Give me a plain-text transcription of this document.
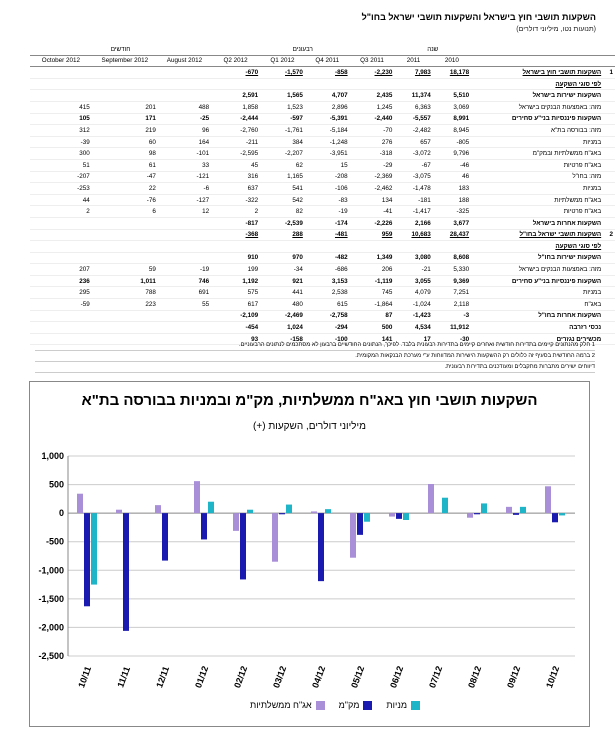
השקעות תושבי חוץ בישראל והשקעות תושבי ישראל בחו"ל
(תנועות נטו, מיליוני דולרים)
חודשים			רבעונים				שנה				
October 2012	September 2012	August 2012	Q2 2012	Q1 2012	Q4 2011	Q3 2011	2011	2010			
			-670	-1,570	-858	-2,230	7,983	18,178		השקעות תושבי חוץ בישראל	1
										לפי סוגי השקעה	
			2,591	1,565	4,707	2,435	11,374	5,510		השקעות ישירות בישראל	
415	201	488	1,858	1,523	2,896	1,245	6,363	3,069		מזה: באמצעות הבנקים בישראל	
105	171	-25	-2,444	-597	-5,391	-2,440	-5,557	8,991		השקעות פיננסיות בני"ע סחירים	
312	219	96	-2,760	-1,761	-5,184	-70	-2,482	8,945		מזה: בבורסה בת"א	
-39	60	164	-211	384	-1,248	276	657	-805		במניות	
300	98	-101	-2,595	-2,207	-3,951	-318	-3,072	9,796		באג"ח ממשלתיות ובמק"מ	
51	61	33	45	62	15	-29	-67	-46		באג"ח פרטיות	
-207	-47	-121	316	1,165	-208	-2,369	-3,075	46		מזה: בחו"ל	
-253	22	-6	637	541	-106	-2,462	-1,478	183		במניות	
44	-76	-127	-322	542	-83	134	-181	188		באג"ח ממשלתיות	
2	6	12	2	82	-19	-41	-1,417	-325		באג"ח פרטיות	
			-817	-2,539	-174	-2,226	2,166	3,677		השקעות אחרות בישראל	
			-368	288	-481	959	10,683	28,437		השקעות תושבי ישראל בחו"ל	2
										לפי סוגי השקעה	
			910	970	-482	1,349	3,080	8,608		השקעות ישירות בחו"ל	
207	59	-19	199	-34	-686	206	-21	5,330		מזה: באמצעות הבנקים בישראל	
236	1,011	746	1,192	921	3,153	-1,119	3,055	9,369		השקעות פיננסיות בני"ע סחירים	
295	788	691	575	441	2,538	745	4,079	7,251		במניות	
-59	223	55	617	480	615	-1,864	-1,024	2,118		באג"ח	
			-2,109	-2,469	-2,758	87	-1,423	-3		השקעות אחרות בחו"ל	
			-454	1,024	-294	500	4,534	11,912		נכסי רזרבה	
			93	-158	-100	141	17	-30		מכשירים נגזרים	
1 חלק מהנתונים קיימים בתדירות חודשית ואחרים קיימים בתדירות רבעונית בלבד. לפיכך, הנתונים החודשיים ברבעון לא מסתכמים לנתונים הרבעוניים.
2 ברמה החודשית בסעיף זה כלולים רק ההשקעות הישירות המדווחות ע"י מערכת הבנקאות המקומית.
דיווחים ישירים מתברות מתקבלים ומעודכנים בתדירות רבעונית.
השקעות תושבי חוץ באג"ח ממשלתיות, מק"מ ובמניות בבורסה בת"א
מיליוני דולרים, השקעות (+)
1,000
500
0
-500
-1,000
-1,500
-2,000
-2,500
10/11 11/11 12/11 01/12 02/12 03/12 04/12 05/12 06/12 07/12 08/12 09/12 10/12
מניות
מק"מ
אג"ח ממשלתיות
